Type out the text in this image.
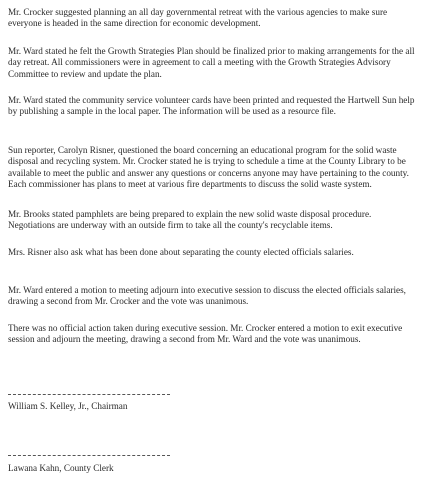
Mr. Crocker suggested planning an all day governmental retreat with the various agencies to make sure everyone is headed in the same direction for economic development.

Mr. Ward stated he felt the Growth Strategies Plan should be finalized prior to making arrangements for the all day retreat. All commissioners were in agreement to call a meeting with the Growth Strategies Advisory Committee to review and update the plan.

Mr. Ward stated the community service volunteer cards have been printed and requested the Hartwell Sun help by publishing a sample in the local paper. The information will be used as a resource file.

Sun reporter, Carolyn Risner, questioned the board concerning an educational program for the solid waste disposal and recycling system. Mr. Crocker stated he is trying to schedule a time at the County Library to be available to meet the public and answer any questions or concerns anyone may have pertaining to the county. Each commissioner has plans to meet at various fire departments to discuss the solid waste system.

Mr. Brooks stated pamphlets are being prepared to explain the new solid waste disposal procedure. Negotiations are underway with an outside firm to take all the county's recyclable items.

Mrs. Risner also ask what has been done about separating the county elected officials salaries.

Mr. Ward entered a motion to meeting adjourn into executive session to discuss the elected officials salaries, drawing a second from Mr. Crocker and the vote was unanimous.

There was no official action taken during executive session. Mr. Crocker entered a motion to exit executive session and adjourn the meeting, drawing a second from Mr. Ward and the vote was unanimous.

William S. Kelley, Jr., Chairman

Lawana Kahn, County Clerk
